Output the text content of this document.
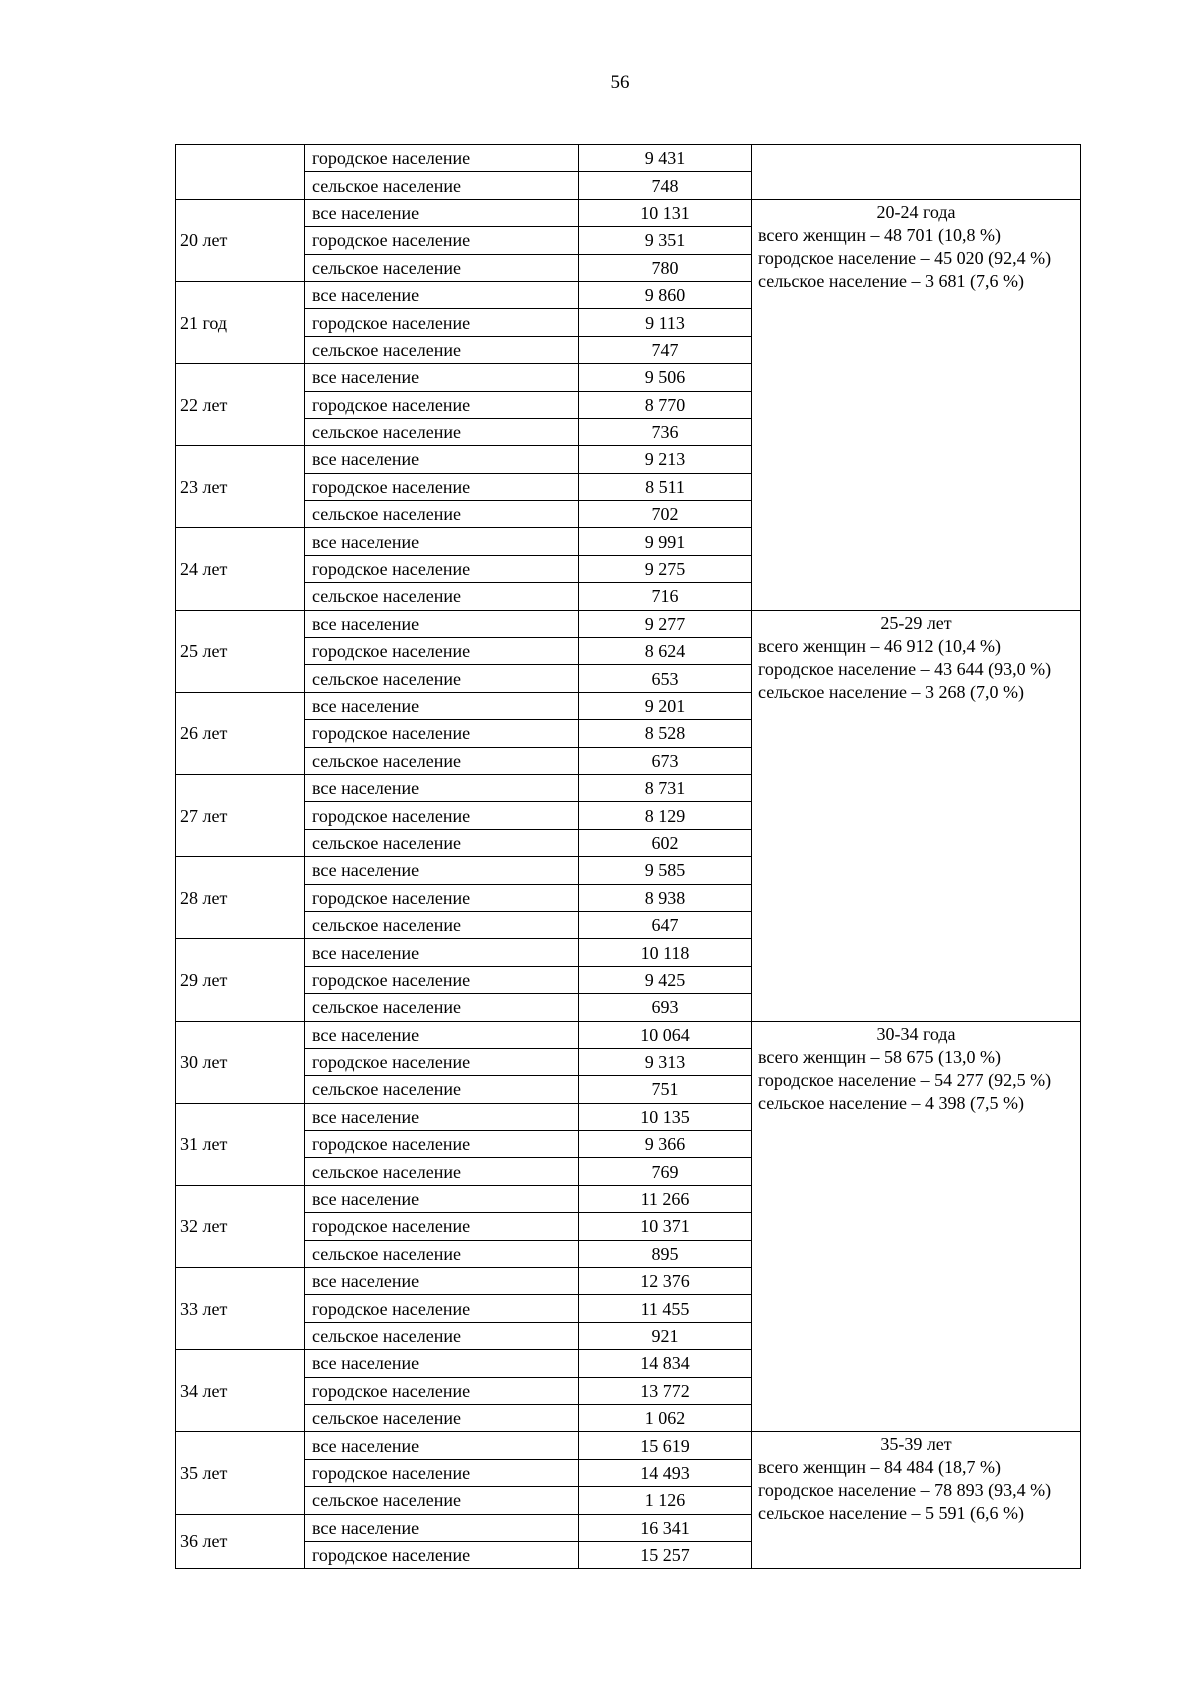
56
	городское население	9 431	
	сельское население	748	
20 лет	все население	10 131	20-24 года
всего женщин – 48 701 (10,8 %)
городское население – 45 020 (92,4 %)
сельское население – 3 681 (7,6 %)

	городское население	9 351	
	сельское население	780	
21 год	все население	9 860	
	городское население	9 113	
	сельское население	747	
22 лет	все население	9 506	
	городское население	8 770	
	сельское население	736	
23 лет	все население	9 213	
	городское население	8 511	
	сельское население	702	
24 лет	все население	9 991	
	городское население	9 275	
	сельское население	716	
25 лет	все население	9 277	25-29 лет
всего женщин – 46 912 (10,4 %)
городское население – 43 644 (93,0 %)
сельское население – 3 268 (7,0 %)

	городское население	8 624	
	сельское население	653	
26 лет	все население	9 201	
	городское население	8 528	
	сельское население	673	
27 лет	все население	8 731	
	городское население	8 129	
	сельское население	602	
28 лет	все население	9 585	
	городское население	8 938	
	сельское население	647	
29 лет	все население	10 118	
	городское население	9 425	
	сельское население	693	
30 лет	все население	10 064	30-34 года
всего женщин – 58 675 (13,0 %)
городское население – 54 277 (92,5 %)
сельское население – 4 398 (7,5 %)

	городское население	9 313	
	сельское население	751	
31 лет	все население	10 135	
	городское население	9 366	
	сельское население	769	
32 лет	все население	11 266	
	городское население	10 371	
	сельское население	895	
33 лет	все население	12 376	
	городское население	11 455	
	сельское население	921	
34 лет	все население	14 834	
	городское население	13 772	
	сельское население	1 062	
35 лет	все население	15 619	35-39 лет
всего женщин – 84 484 (18,7 %)
городское население – 78 893 (93,4 %)
сельское население – 5 591 (6,6 %)

	городское население	14 493	
	сельское население	1 126	
36 лет	все население	16 341	
	городское население	15 257	
